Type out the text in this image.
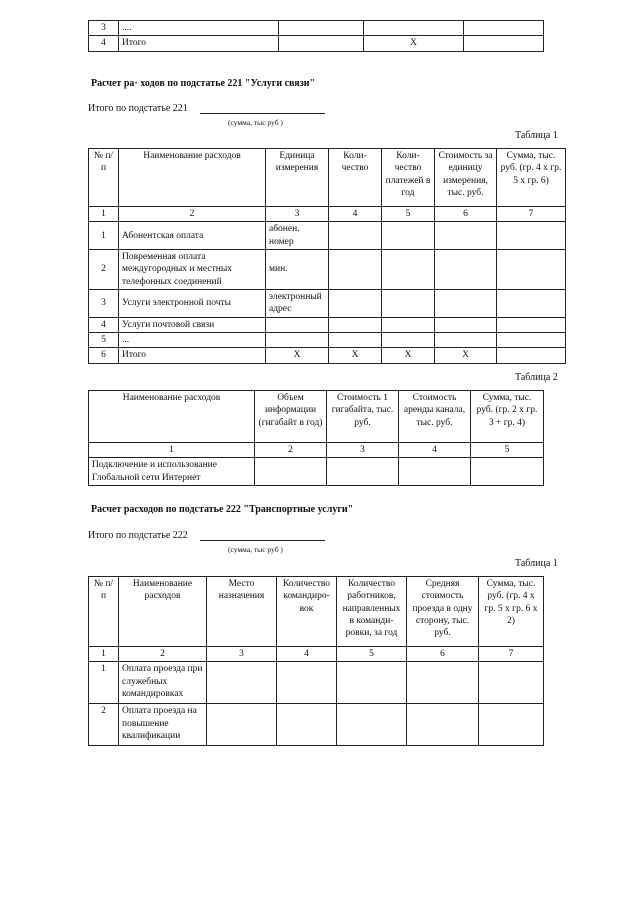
3	....			
4	Итого		X	
Расчет ра· ходов по подстатье 221 "Услуги связи"
Итого по подстатье 221
(сумма, тыс руб )
Таблица 1
№ п/п	Наименование расходов	Единица измерения	Коли-чество	Коли-чество платежей в год	Стоимость за единицу измерения, тыс. руб.	Сумма, тыс. руб. (гр. 4 х гр. 5 х гр. 6)
1	2	3	4	5	6	7
1	Абонентская оплата	абонен. номер				
2	Повременная оплата междугородных и местных телефонных соединений	мин.				
3	Услуги электронной почты	электронный адрес				
4	Услуги почтовой связи					
5	...					
6	Итого	X	X	X	X	
Таблица 2
Наименование расходов	Объем информации (гигабайт в год)	Стоимость 1 гигабайта, тыс. руб.	Стоимость аренды канала, тыс. руб.	Сумма, тыс. руб. (гр. 2 х гр. 3 + гр. 4)
1	2	3	4	5
Подключение и использование Глобальной сети Интернет				
Расчет расходов по подстатье 222 "Транспортные услуги"
Итого по подстатье 222
(сумма, тыс руб )
Таблица 1
№ п/п	Наименование расходов	Место назначения	Количество командиро-вок	Количество работников, направленных в команди-ровки, за год	Средняя стоимость проезда в одну сторону, тыс. руб.	Сумма, тыс. руб. (гр. 4 х гр. 5 х гр. 6 х 2)
1	2	3	4	5	6	7
1	Оплата проезда при служебных командировках					
2	Оплата проезда на повышение квалификации					
